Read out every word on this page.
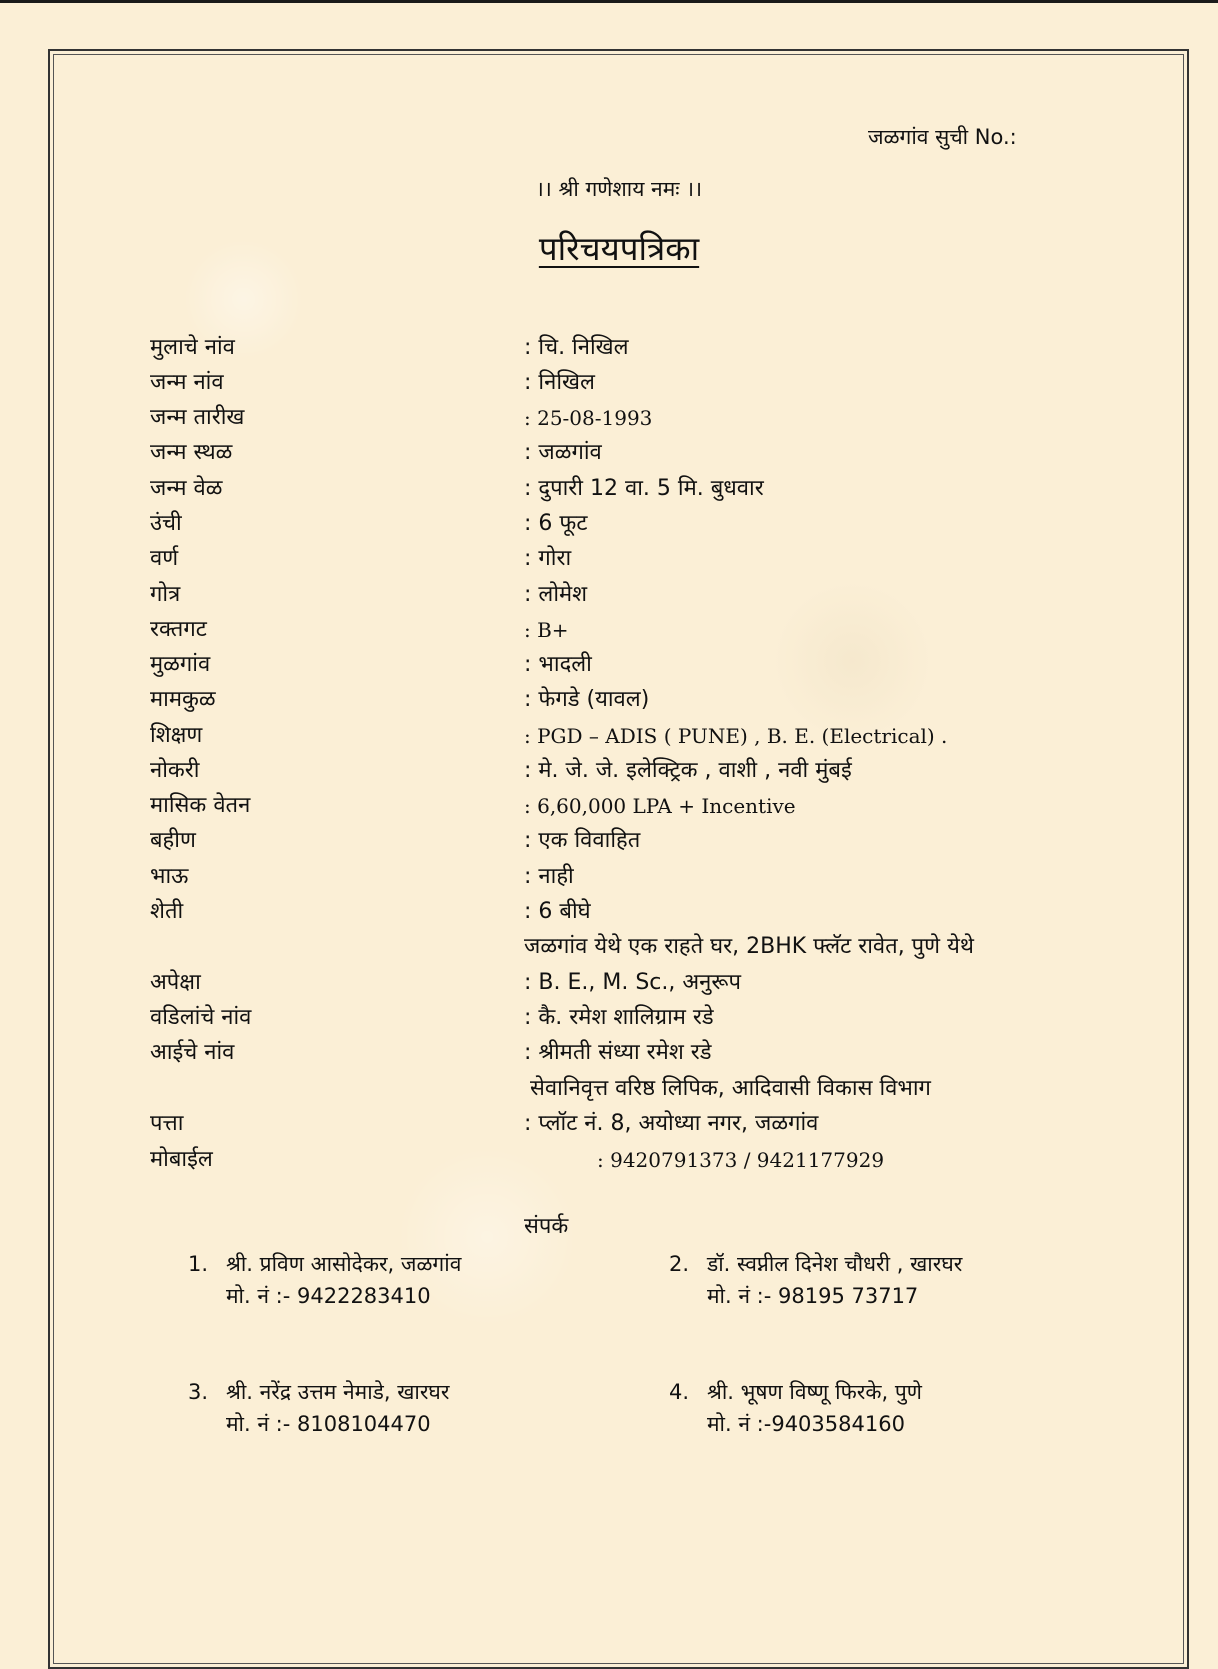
जळगांव सुची No.:
।। श्री गणेशाय नमः ।।
परिचयपत्रिका
मुलाचे नांव	: चि. निखिल
जन्म नांव	: निखिल
जन्म तारीख	: 25-08-1993
जन्म स्थळ	: जळगांव
जन्म वेळ	: दुपारी 12 वा. 5 मि. बुधवार
उंची	: 6 फूट
वर्ण	: गोरा
गोत्र	: लोमेश
रक्तगट	: B+
मुळगांव	: भादली
मामकुळ	: फेगडे (यावल)
शिक्षण	: PGD – ADIS ( PUNE) , B. E. (Electrical) .
नोकरी	: मे. जे. जे. इलेक्ट्रिक , वाशी , नवी मुंबई
मासिक वेतन	: 6,60,000 LPA + Incentive
बहीण	: एक विवाहित
भाऊ	: नाही
शेती	: 6 बीघे
जळगांव येथे एक राहते घर, 2BHK फ्लॅट रावेत, पुणे येथे
अपेक्षा	: B. E., M. Sc., अनुरूप
वडिलांचे नांव	: कै. रमेश शालिग्राम रडे
आईचे नांव	: श्रीमती संध्या रमेश रडे
सेवानिवृत्त वरिष्ठ लिपिक, आदिवासी विकास विभाग
पत्ता	: प्लॉट नं. 8, अयोध्या नगर, जळगांव
मोबाईल	: 9420791373 / 9421177929
संपर्क
1. श्री. प्रविण आसोदेकर, जळगांव
मो. नं :- 9422283410
2. डॉ. स्वप्नील दिनेश चौधरी , खारघर
मो. नं :- 98195 73717
3. श्री. नरेंद्र उत्तम नेमाडे, खारघर
मो. नं :- 8108104470
4. श्री. भूषण विष्णू फिरके, पुणे
मो. नं :-9403584160
